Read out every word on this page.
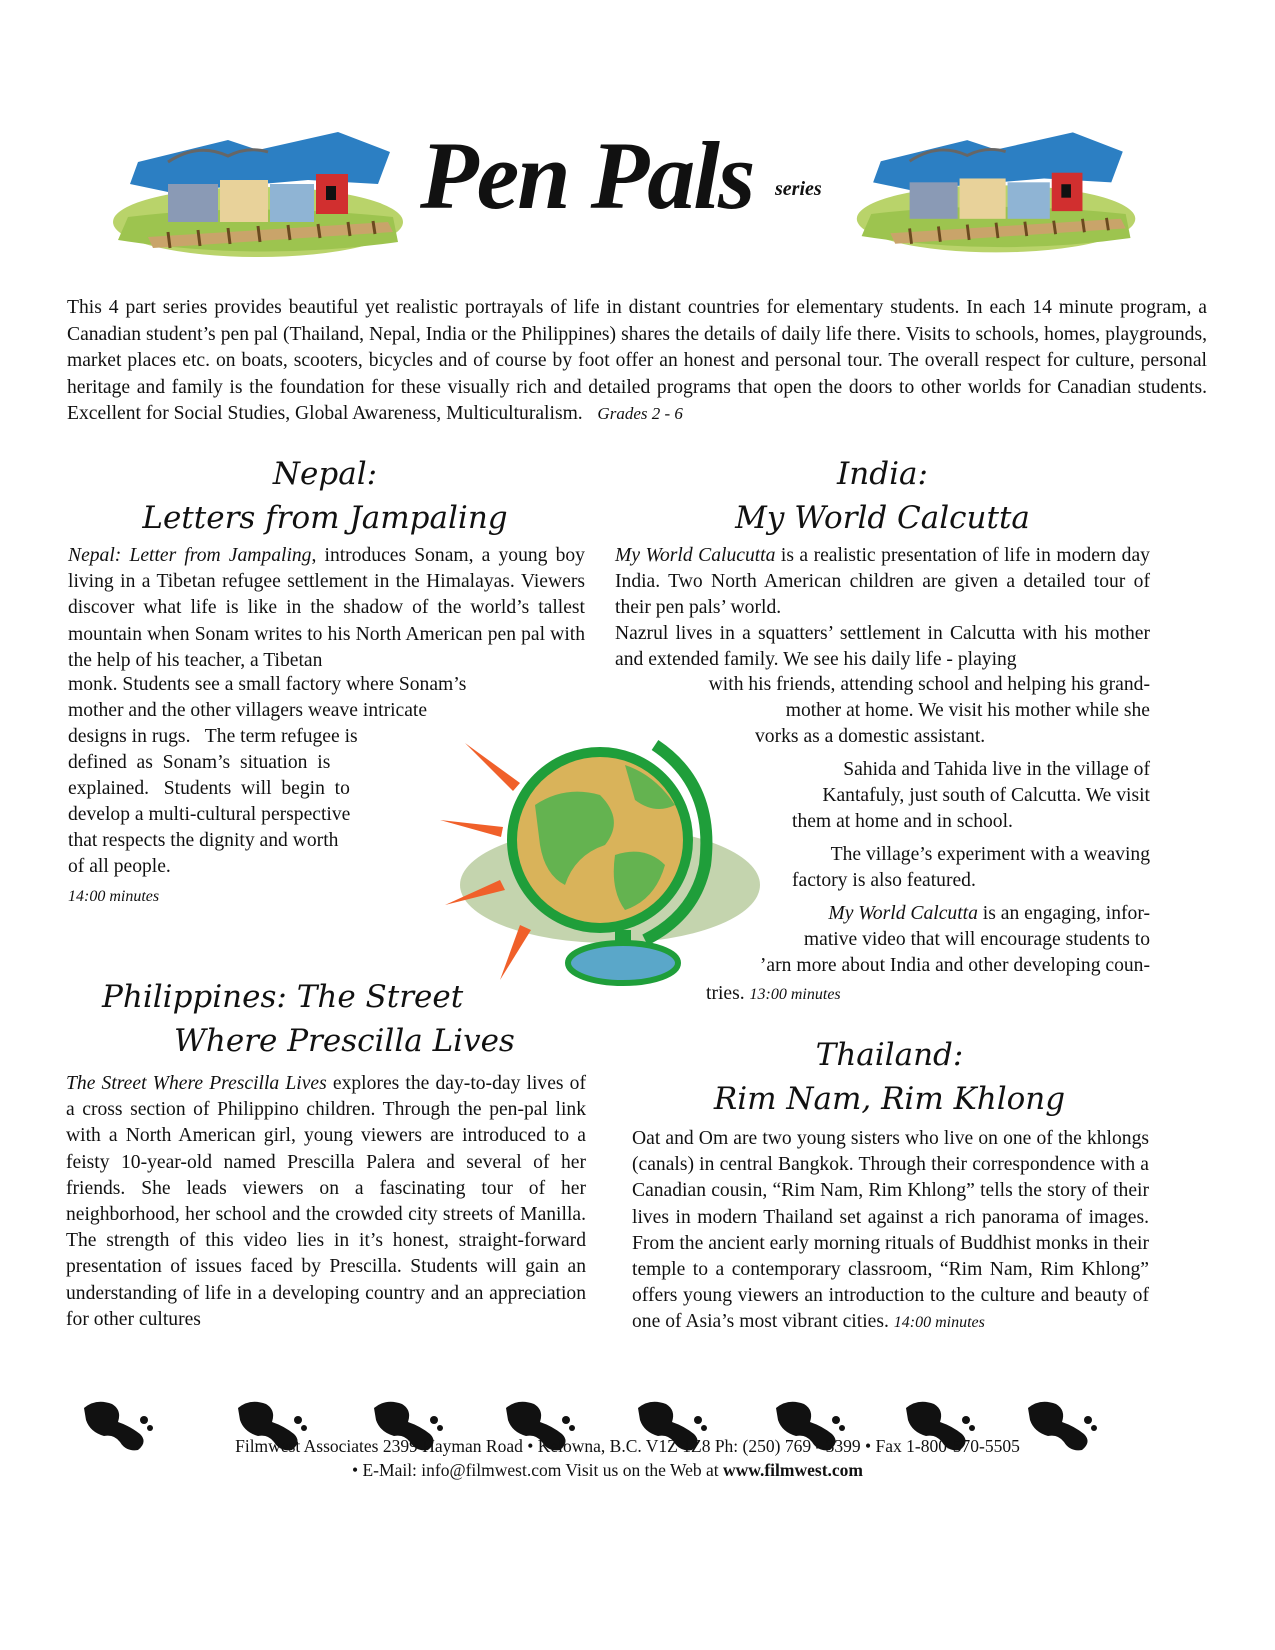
Pen Pals series
This 4 part series provides beautiful yet realistic portrayals of life in distant countries for elementary students. In each 14 minute program, a Canadian student’s pen pal (Thailand, Nepal, India or the Philippines) shares the details of daily life there. Visits to schools, homes, playgrounds, market places etc. on boats, scooters, bicycles and of course by foot offer an honest and personal tour. The overall respect for culture, personal heritage and family is the foundation for these visually rich and detailed programs that open the doors to other worlds for Canadian students. Excellent for Social Studies, Global Awareness, Multiculturalism. Grades 2 - 6
Nepal:
Letters from Jampaling
Nepal: Letter from Jampaling, introduces Sonam, a young boy living in a Tibetan refugee settlement in the Himalayas. Viewers discover what life is like in the shadow of the world’s tallest mountain when Sonam writes to his North American pen pal with the help of his teacher, a Tibetan
monk. Students see a small factory where Sonam’s
mother and the other villagers weave intricate
designs in rugs.   The term refugee is
defined  as  Sonam’s  situation  is
explained.   Students  will  begin  to
develop a multi-cultural perspective
that respects the dignity and worth
of all people.
14:00 minutes
India:
My World Calcutta
My World Calucutta is a realistic presentation of life in modern day India. Two North American children are given a detailed tour of their pen pals’ world.
Nazrul lives in a squatters’ settlement in Calcutta with his mother and extended family. We see his daily life - playing
with his friends, attending school and helping his grand-
mother at home. We visit his mother while she
vorks as a domestic assistant.
Sahida and Tahida live in the village of
Kantafuly, just south of Calcutta. We visit
them at home and in school.
The village’s experiment with a weaving
factory is also featured.
My World Calcutta is an engaging, infor-
mative video that will encourage students to
’arn more about India and other developing coun-
tries. 13:00 minutes
Philippines: The Street
Where Prescilla Lives
The Street Where Prescilla Lives explores the day-to-day lives of a cross section of Philippino children. Through the pen-pal link with a North American girl, young viewers are introduced to a feisty 10-year-old named Prescilla Palera and several of her friends. She leads viewers on a fascinating tour of her neighborhood, her school and the crowded city streets of Manilla. The strength of this video lies in it’s honest, straight-forward presentation of issues faced by Prescilla. Students will gain an understanding of life in a developing country and an appreciation for other cultures
Thailand:
Rim Nam, Rim Khlong
Oat and Om are two young sisters who live on one of the khlongs (canals) in central Bangkok. Through their correspondence with a Canadian cousin, “Rim Nam, Rim Khlong” tells the story of their lives in modern Thailand set against a rich panorama of images. From the ancient early morning rituals of Buddhist monks in their temple to a contemporary classroom, “Rim Nam, Rim Khlong” offers young viewers an introduction to the culture and beauty of one of Asia’s most vibrant cities. 14:00 minutes
Filmwest Associates 2399 Hayman Road • Kelowna, B.C. V1Z 1Z8 Ph: (250) 769 - 3399 • Fax 1-800-570-5505
• E-Mail: info@filmwest.com Visit us on the Web at www.filmwest.com
